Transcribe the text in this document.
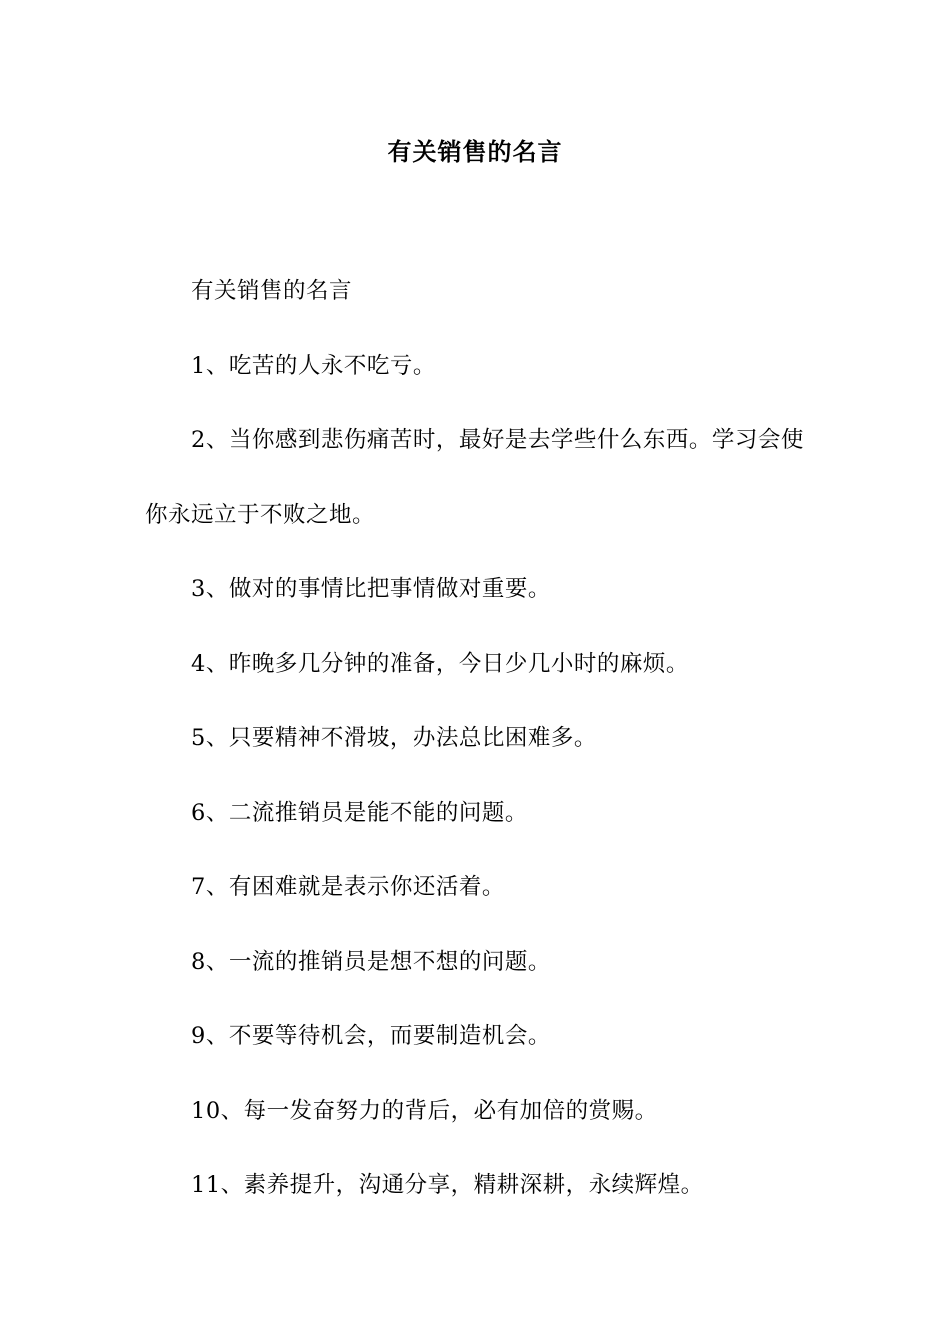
有关销售的名言

有关销售的名言

1、吃苦的人永不吃亏。

2、当你感到悲伤痛苦时，最好是去学些什么东西。学习会使你永远立于不败之地。

3、做对的事情比把事情做对重要。

4、昨晚多几分钟的准备，今日少几小时的麻烦。

5、只要精神不滑坡，办法总比困难多。

6、二流推销员是能不能的问题。

7、有困难就是表示你还活着。

8、一流的推销员是想不想的问题。

9、不要等待机会，而要制造机会。

10、每一发奋努力的背后，必有加倍的赏赐。

11、素养提升，沟通分享，精耕深耕，永续辉煌。
